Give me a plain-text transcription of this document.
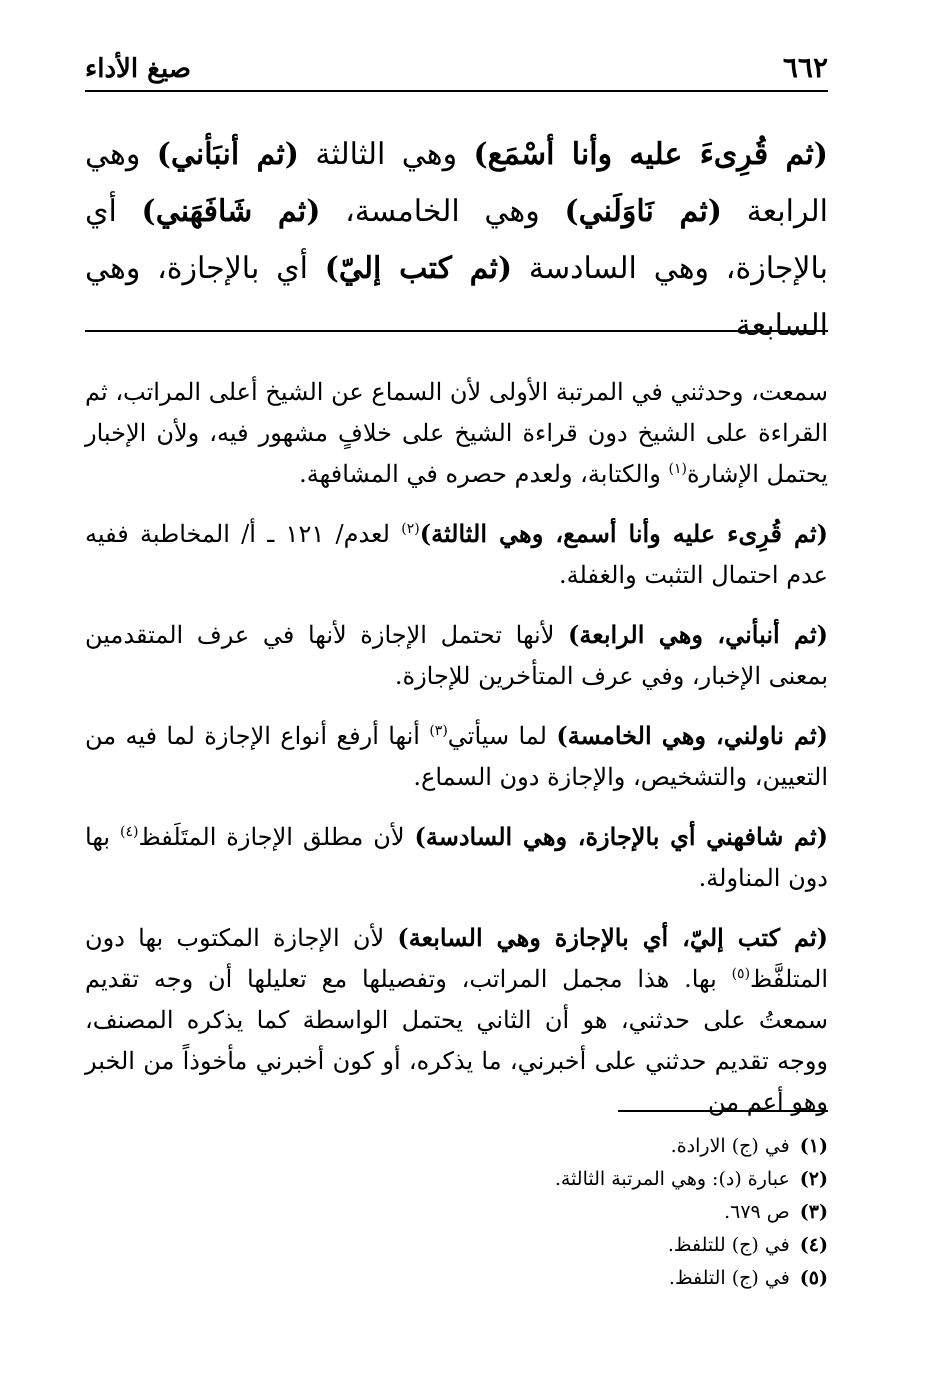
٦٦٢
صيغ الأداء
(ثم قُرِىءَ عليه وأنا أسْمَع) وهي الثالثة (ثم أنبَأني) وهي الرابعة (ثم نَاوَلَني) وهي الخامسة، (ثم شَافَهَني) أي بالإجازة، وهي السادسة (ثم كتب إليّ) أي بالإجازة، وهي السابعة

سمعت، وحدثني في المرتبة الأولى لأن السماع عن الشيخ أعلى المراتب، ثم القراءة على الشيخ دون قراءة الشيخ على خلافٍ مشهور فيه، ولأن الإخبار يحتمل الإشارة$^{(١)}$ والكتابة، ولعدم حصره في المشافهة.

(ثم قُرِىء عليه وأنا أسمع، وهي الثالثة)$^{(٢)}$ لعدم/ ١٢١ ـ أ/ المخاطبة ففيه عدم احتمال التثبت والغفلة.

(ثم أنبأني، وهي الرابعة) لأنها تحتمل الإجازة لأنها في عرف المتقدمين بمعنى الإخبار، وفي عرف المتأخرين للإجازة.

(ثم ناولني، وهي الخامسة) لما سيأتي$^{(٣)}$ أنها أرفع أنواع الإجازة لما فيه من التعيين، والتشخيص، والإجازة دون السماع.

(ثم شافهني أي بالإجازة، وهي السادسة) لأن مطلق الإجازة المتَلَفظ$^{(٤)}$ بها دون المناولة.

(ثم كتب إليّ، أي بالإجازة وهي السابعة) لأن الإجازة المكتوب بها دون المتلفَّظ$^{(٥)}$ بها. هذا مجمل المراتب، وتفصيلها مع تعليلها أن وجه تقديم سمعتُ على حدثني، هو أن الثاني يحتمل الواسطة كما يذكره المصنف، ووجه تقديم حدثني على أخبرني، ما يذكره، أو كون أخبرني مأخوذاً من الخبر وهو أعم من

(١)في (ج) الارادة.
(٢)عبارة (د): وهي المرتبة الثالثة.
(٣)ص ٦٧٩.
(٤)في (ج) للتلفظ.
(٥)في (ج) التلفظ.
